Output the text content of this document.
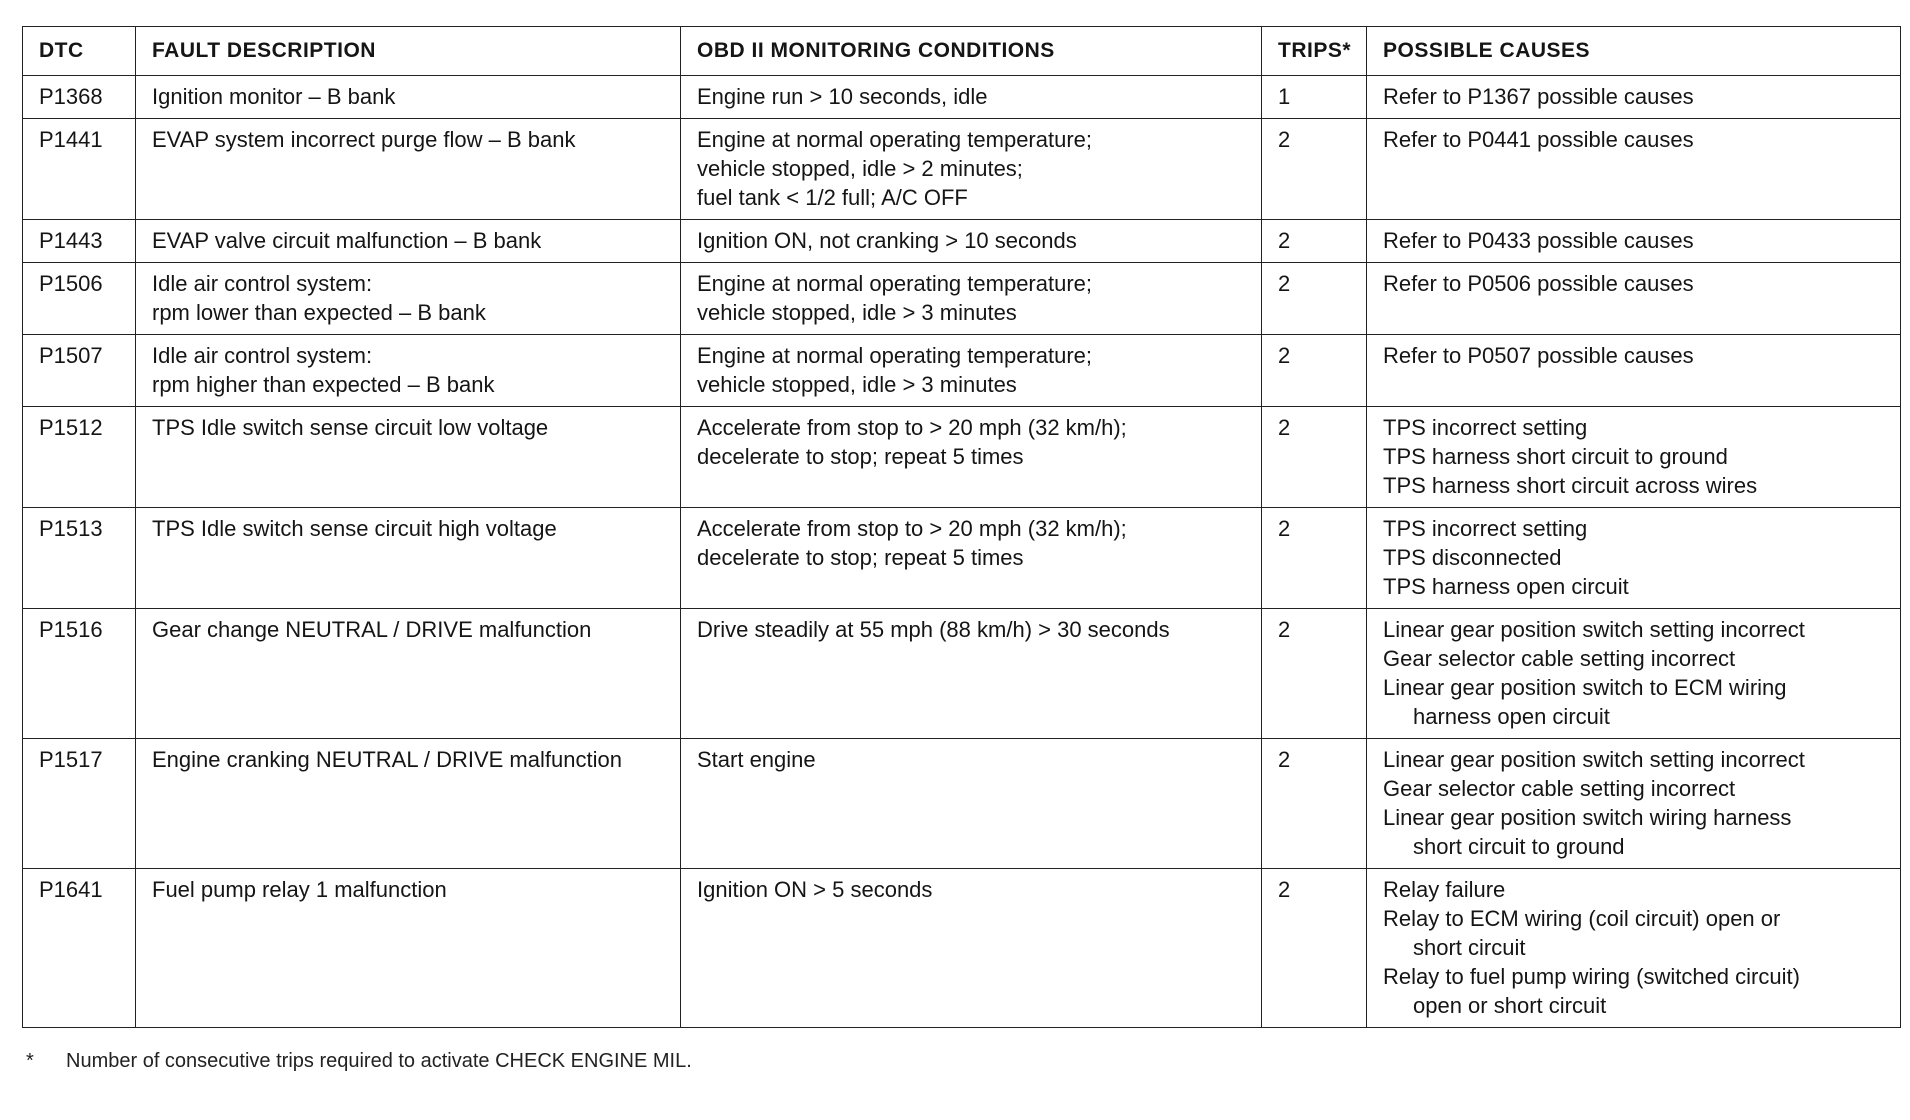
DTC	FAULT DESCRIPTION	OBD II MONITORING CONDITIONS	TRIPS*	POSSIBLE CAUSES
P1368	Ignition monitor – B bank	Engine run > 10 seconds, idle	1	Refer to P1367 possible causes

P1441	EVAP system incorrect purge flow – B bank	Engine at normal operating temperature;
vehicle stopped, idle > 2 minutes;
fuel tank < 1/2 full; A/C OFF	2	Refer to P0441 possible causes

P1443	EVAP valve circuit malfunction – B bank	Ignition ON, not cranking > 10 seconds	2	Refer to P0433 possible causes

P1506	Idle air control system:
rpm lower than expected – B bank	Engine at normal operating temperature;
vehicle stopped, idle > 3 minutes	2	Refer to P0506 possible causes

P1507	Idle air control system:
rpm higher than expected – B bank	Engine at normal operating temperature;
vehicle stopped, idle > 3 minutes	2	Refer to P0507 possible causes

P1512	TPS Idle switch sense circuit low voltage	Accelerate from stop to > 20 mph (32 km/h);
decelerate to stop; repeat 5 times	2	TPS incorrect setting
TPS harness short circuit to ground
TPS harness short circuit across wires

P1513	TPS Idle switch sense circuit high voltage	Accelerate from stop to > 20 mph (32 km/h);
decelerate to stop; repeat 5 times	2	TPS incorrect setting
TPS disconnected
TPS harness open circuit

P1516	Gear change NEUTRAL / DRIVE malfunction	Drive steadily at 55 mph (88 km/h) > 30 seconds	2	Linear gear position switch setting incorrect
Gear selector cable setting incorrect
Linear gear position switch to ECM wiring
harness open circuit

P1517	Engine cranking NEUTRAL / DRIVE malfunction	Start engine	2	Linear gear position switch setting incorrect
Gear selector cable setting incorrect
Linear gear position switch wiring harness
short circuit to ground

P1641	Fuel pump relay 1 malfunction	Ignition ON > 5 seconds	2	Relay failure
Relay to ECM wiring (coil circuit) open or
short circuit
Relay to fuel pump wiring (switched circuit)
open or short circuit
* Number of consecutive trips required to activate CHECK ENGINE MIL.
